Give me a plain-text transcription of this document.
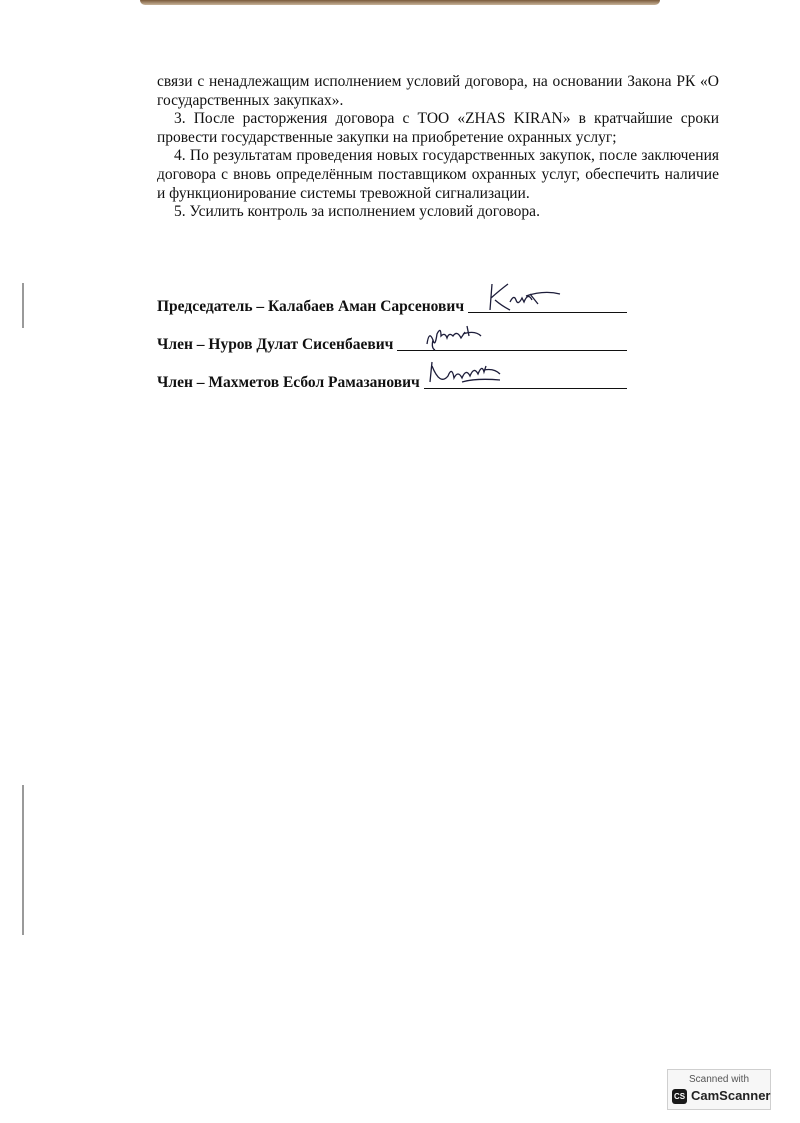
связи с ненадлежащим исполнением условий договора, на основании Закона РК «О государственных закупках».

3. После расторжения договора с ТОО «ZHAS KIRAN» в кратчайшие сроки провести государственные закупки на приобретение охранных услуг;

4. По результатам проведения новых государственных закупок, после заключения договора с вновь определённым поставщиком охранных услуг, обеспечить наличие и функционирование системы тревожной сигнализации.

5. Усилить контроль за исполнением условий договора.

Председатель – Калабаев Аман Сарсенович
Член – Нуров Дулат Сисенбаевич
Член – Махметов Есбол Рамазанович
Scanned with
CS CamScanner
